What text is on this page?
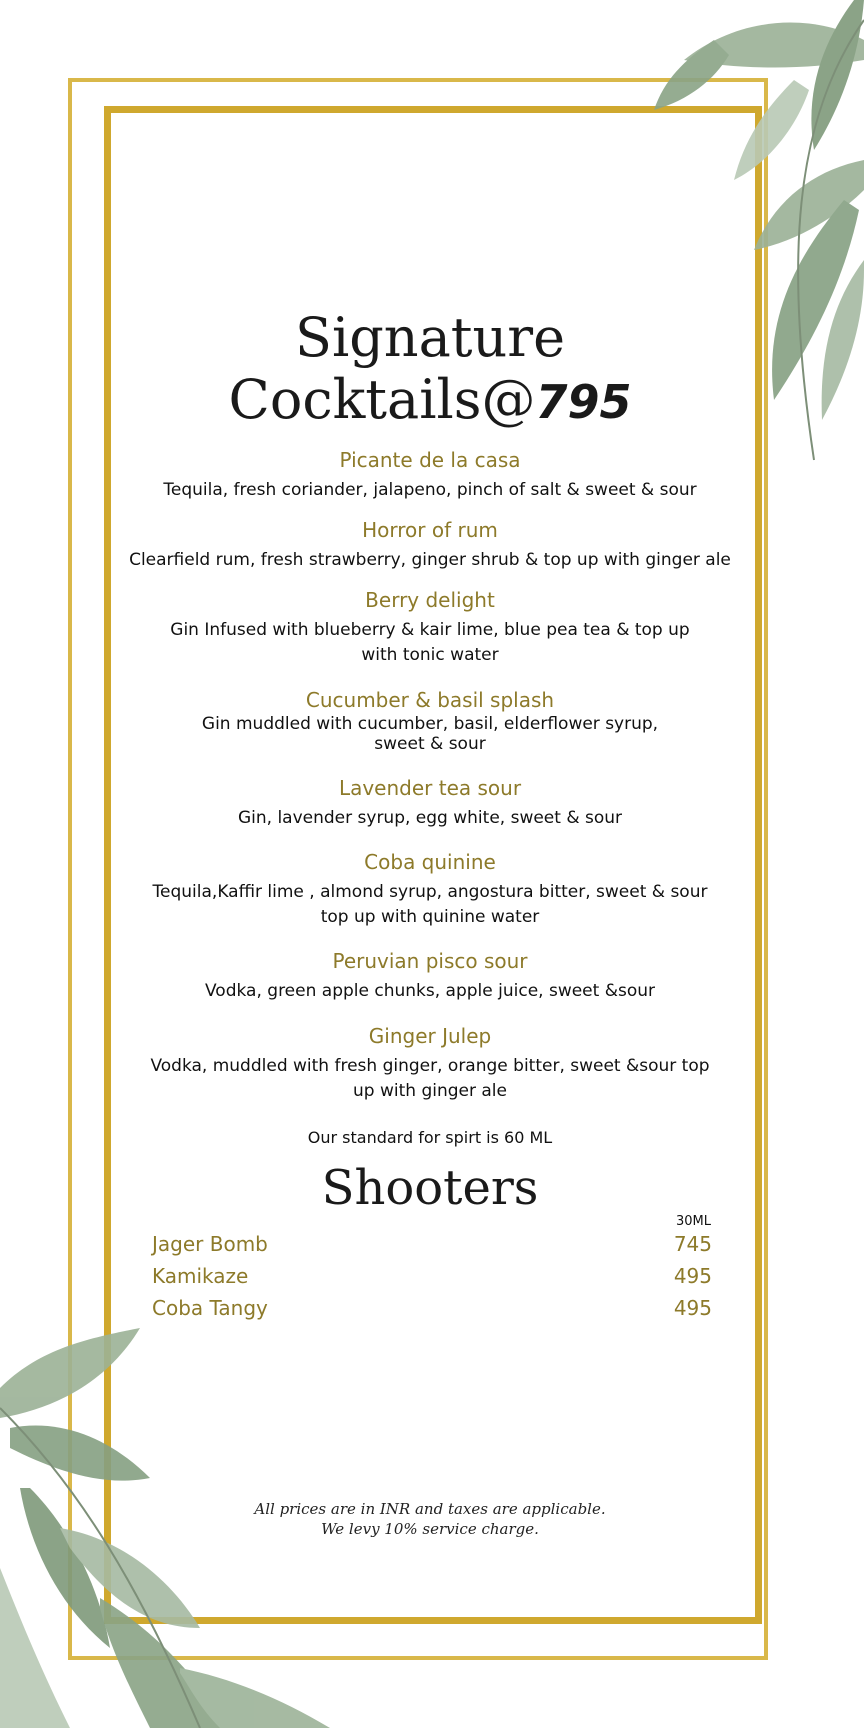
Signature
Cocktails@795
Picante de la casa
Tequila, fresh coriander, jalapeno, pinch of salt & sweet & sour
Horror of rum
Clearfield rum, fresh strawberry, ginger shrub & top up with ginger ale
Berry delight
Gin Infused with blueberry & kair lime, blue pea tea & top up with tonic water
Cucumber & basil splash
Gin muddled with cucumber, basil, elderflower syrup, sweet & sour
Lavender tea sour
Gin, lavender syrup, egg white, sweet & sour
Coba quinine
Tequila,Kaffir lime , almond syrup, angostura bitter, sweet & sour top up with quinine water
Peruvian pisco sour
Vodka, green apple chunks, apple juice, sweet &sour
Ginger Julep
Vodka, muddled with fresh ginger, orange bitter, sweet &sour top up with ginger ale
Our standard for spirt is 60 ML
Shooters
30ML
Jager Bomb	745
Kamikaze	495
Coba Tangy	495
All prices are in INR and taxes are applicable.
We levy 10% service charge.
